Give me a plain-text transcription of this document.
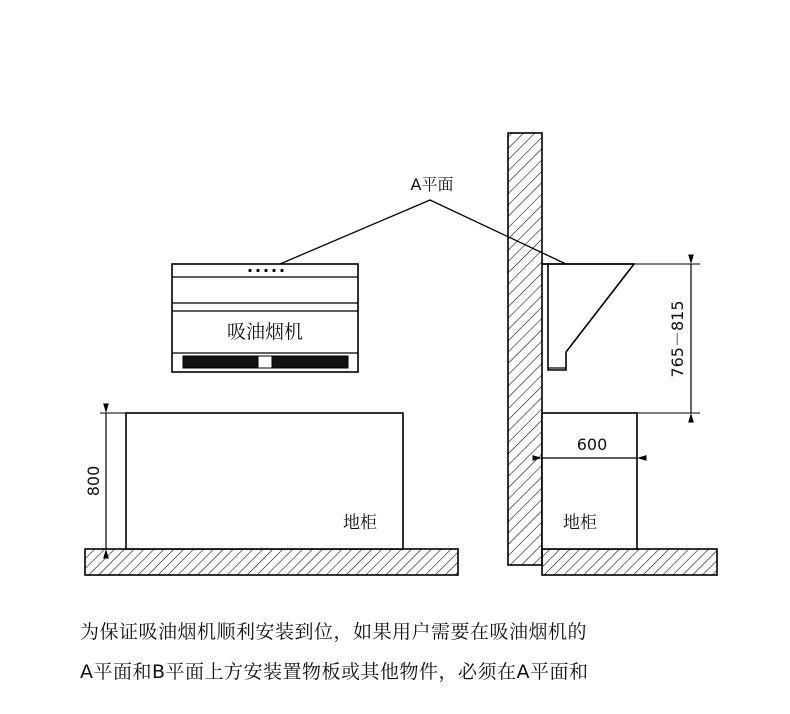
吸油烟机
地柜	地柜
A平面
800
600
765－815
为保证吸油烟机顺利安装到位，如果用户需要在吸油烟机的
A平面和B平面上方安装置物板或其他物件，必须在A平面和
